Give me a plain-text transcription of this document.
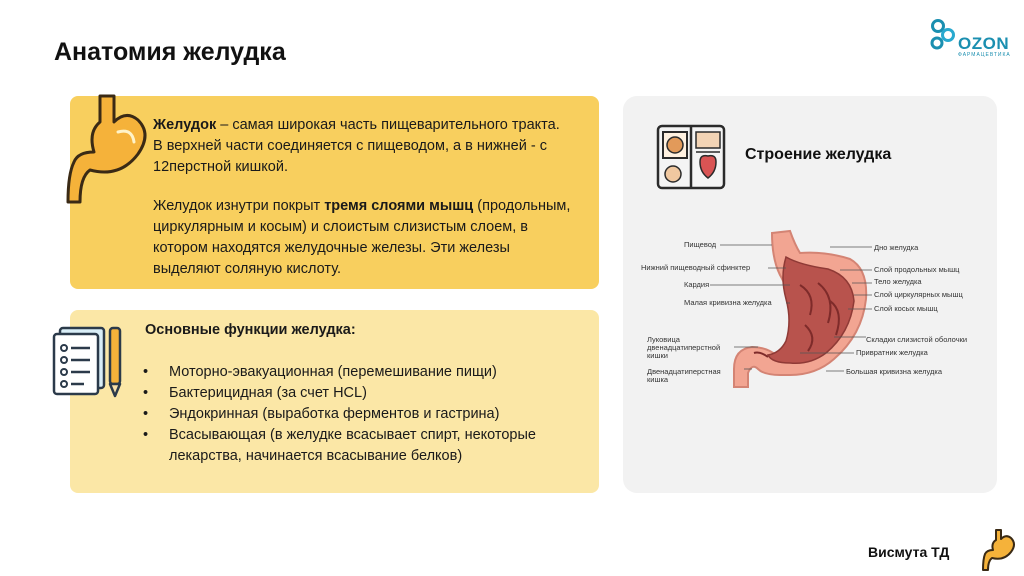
Анатомия желудка	OZON
ФАРМАЦЕВТИКА
Желудок – самая широкая часть пищеварительного тракта. В верхней части соединяется с пищеводом, а в нижней - с 12перстной кишкой.
Желудок изнутри покрыт тремя слоями мышц (продольным, циркулярным и косым) и слоистым слизистым слоем, в котором находятся желудочные железы. Эти железы выделяют соляную кислоту.
Основные функции желудка:
• Моторно-эвакуационная (перемешивание пищи)
• Бактерицидная (за счет HCL)
• Эндокринная (выработка ферментов и гастрина)
• Всасывающая (в желудке всасывает спирт, некоторые лекарства, начинается всасывание белков)
Строение желудка
Пищевод
Нижний пищеводный сфинктер
Кардия
Малая кривизна желудка
Луковица двенадцатиперстной кишки
Двенадцатиперстная кишка
Дно желудка
Слой продольных мышц
Тело желудка
Слой циркулярных мышц
Слой косых мышц
Складки слизистой оболочки
Привратник желудка
Большая кривизна желудка
Висмута ТД
